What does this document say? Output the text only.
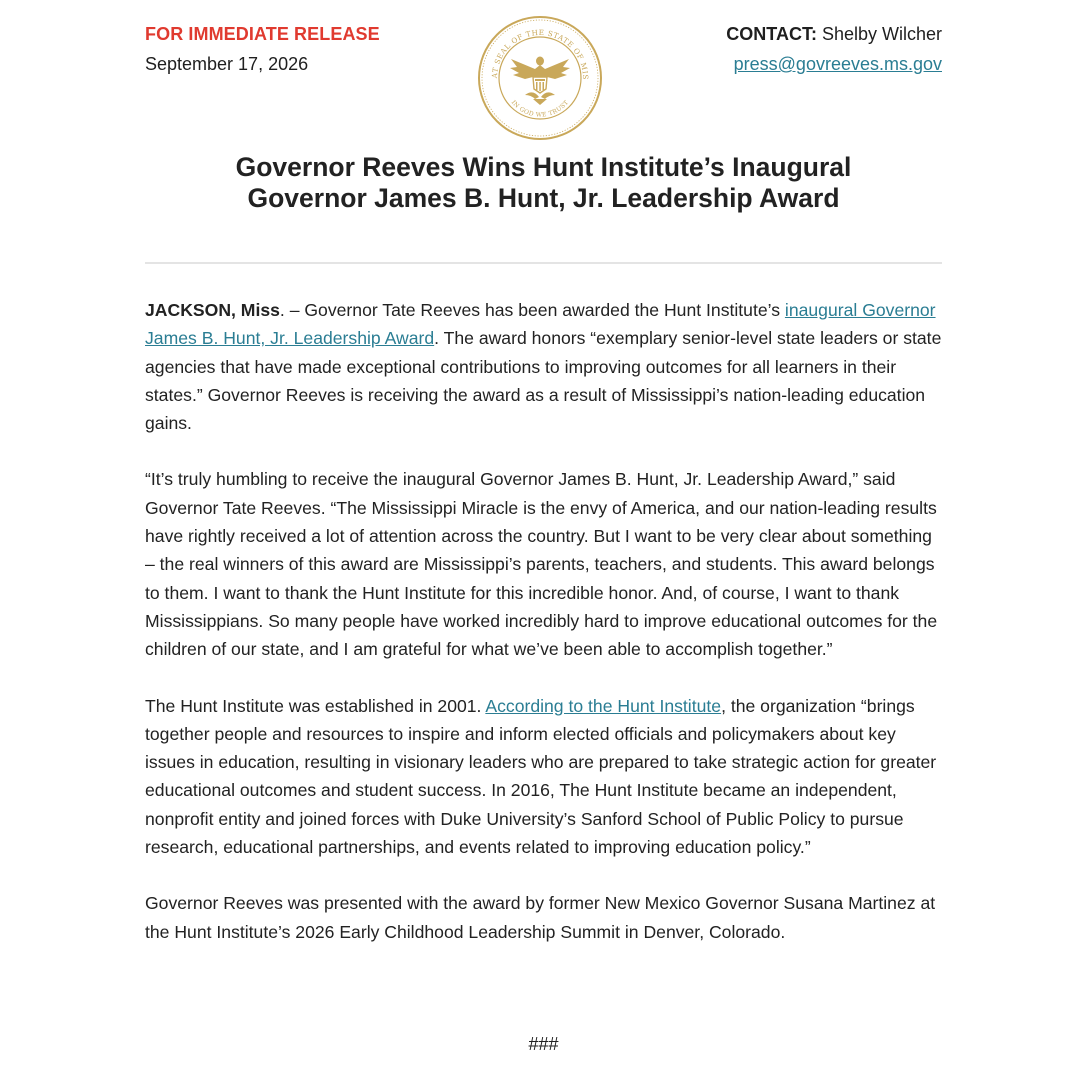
FOR IMMEDIATE RELEASE
September 17, 2026
CONTACT: Shelby Wilcher
press@govreeves.ms.gov
AT SEAL OF THE STATE OF MIS
IN GOD WE TRUST
Governor Reeves Wins Hunt Institute’s Inaugural
Governor James B. Hunt, Jr. Leadership Award

JACKSON, Miss. – Governor Tate Reeves has been awarded the Hunt Institute’s inaugural Governor James B. Hunt, Jr. Leadership Award. The award honors “exemplary senior-level state leaders or state agencies that have made exceptional contributions to improving outcomes for all learners in their states.” Governor Reeves is receiving the award as a result of Mississippi’s nation-leading education gains.

“It’s truly humbling to receive the inaugural Governor James B. Hunt, Jr. Leadership Award,” said Governor Tate Reeves. “The Mississippi Miracle is the envy of America, and our nation-leading results have rightly received a lot of attention across the country. But I want to be very clear about something – the real winners of this award are Mississippi’s parents, teachers, and students. This award belongs to them. I want to thank the Hunt Institute for this incredible honor. And, of course, I want to thank Mississippians. So many people have worked incredibly hard to improve educational outcomes for the children of our state, and I am grateful for what we’ve been able to accomplish together.”

The Hunt Institute was established in 2001. According to the Hunt Institute, the organization “brings together people and resources to inspire and inform elected officials and policymakers about key issues in education, resulting in visionary leaders who are prepared to take strategic action for greater educational outcomes and student success. In 2016, The Hunt Institute became an independent, nonprofit entity and joined forces with Duke University’s Sanford School of Public Policy to pursue research, educational partnerships, and events related to improving education policy.”

Governor Reeves was presented with the award by former New Mexico Governor Susana Martinez at the Hunt Institute’s 2026 Early Childhood Leadership Summit in Denver, Colorado.

###
